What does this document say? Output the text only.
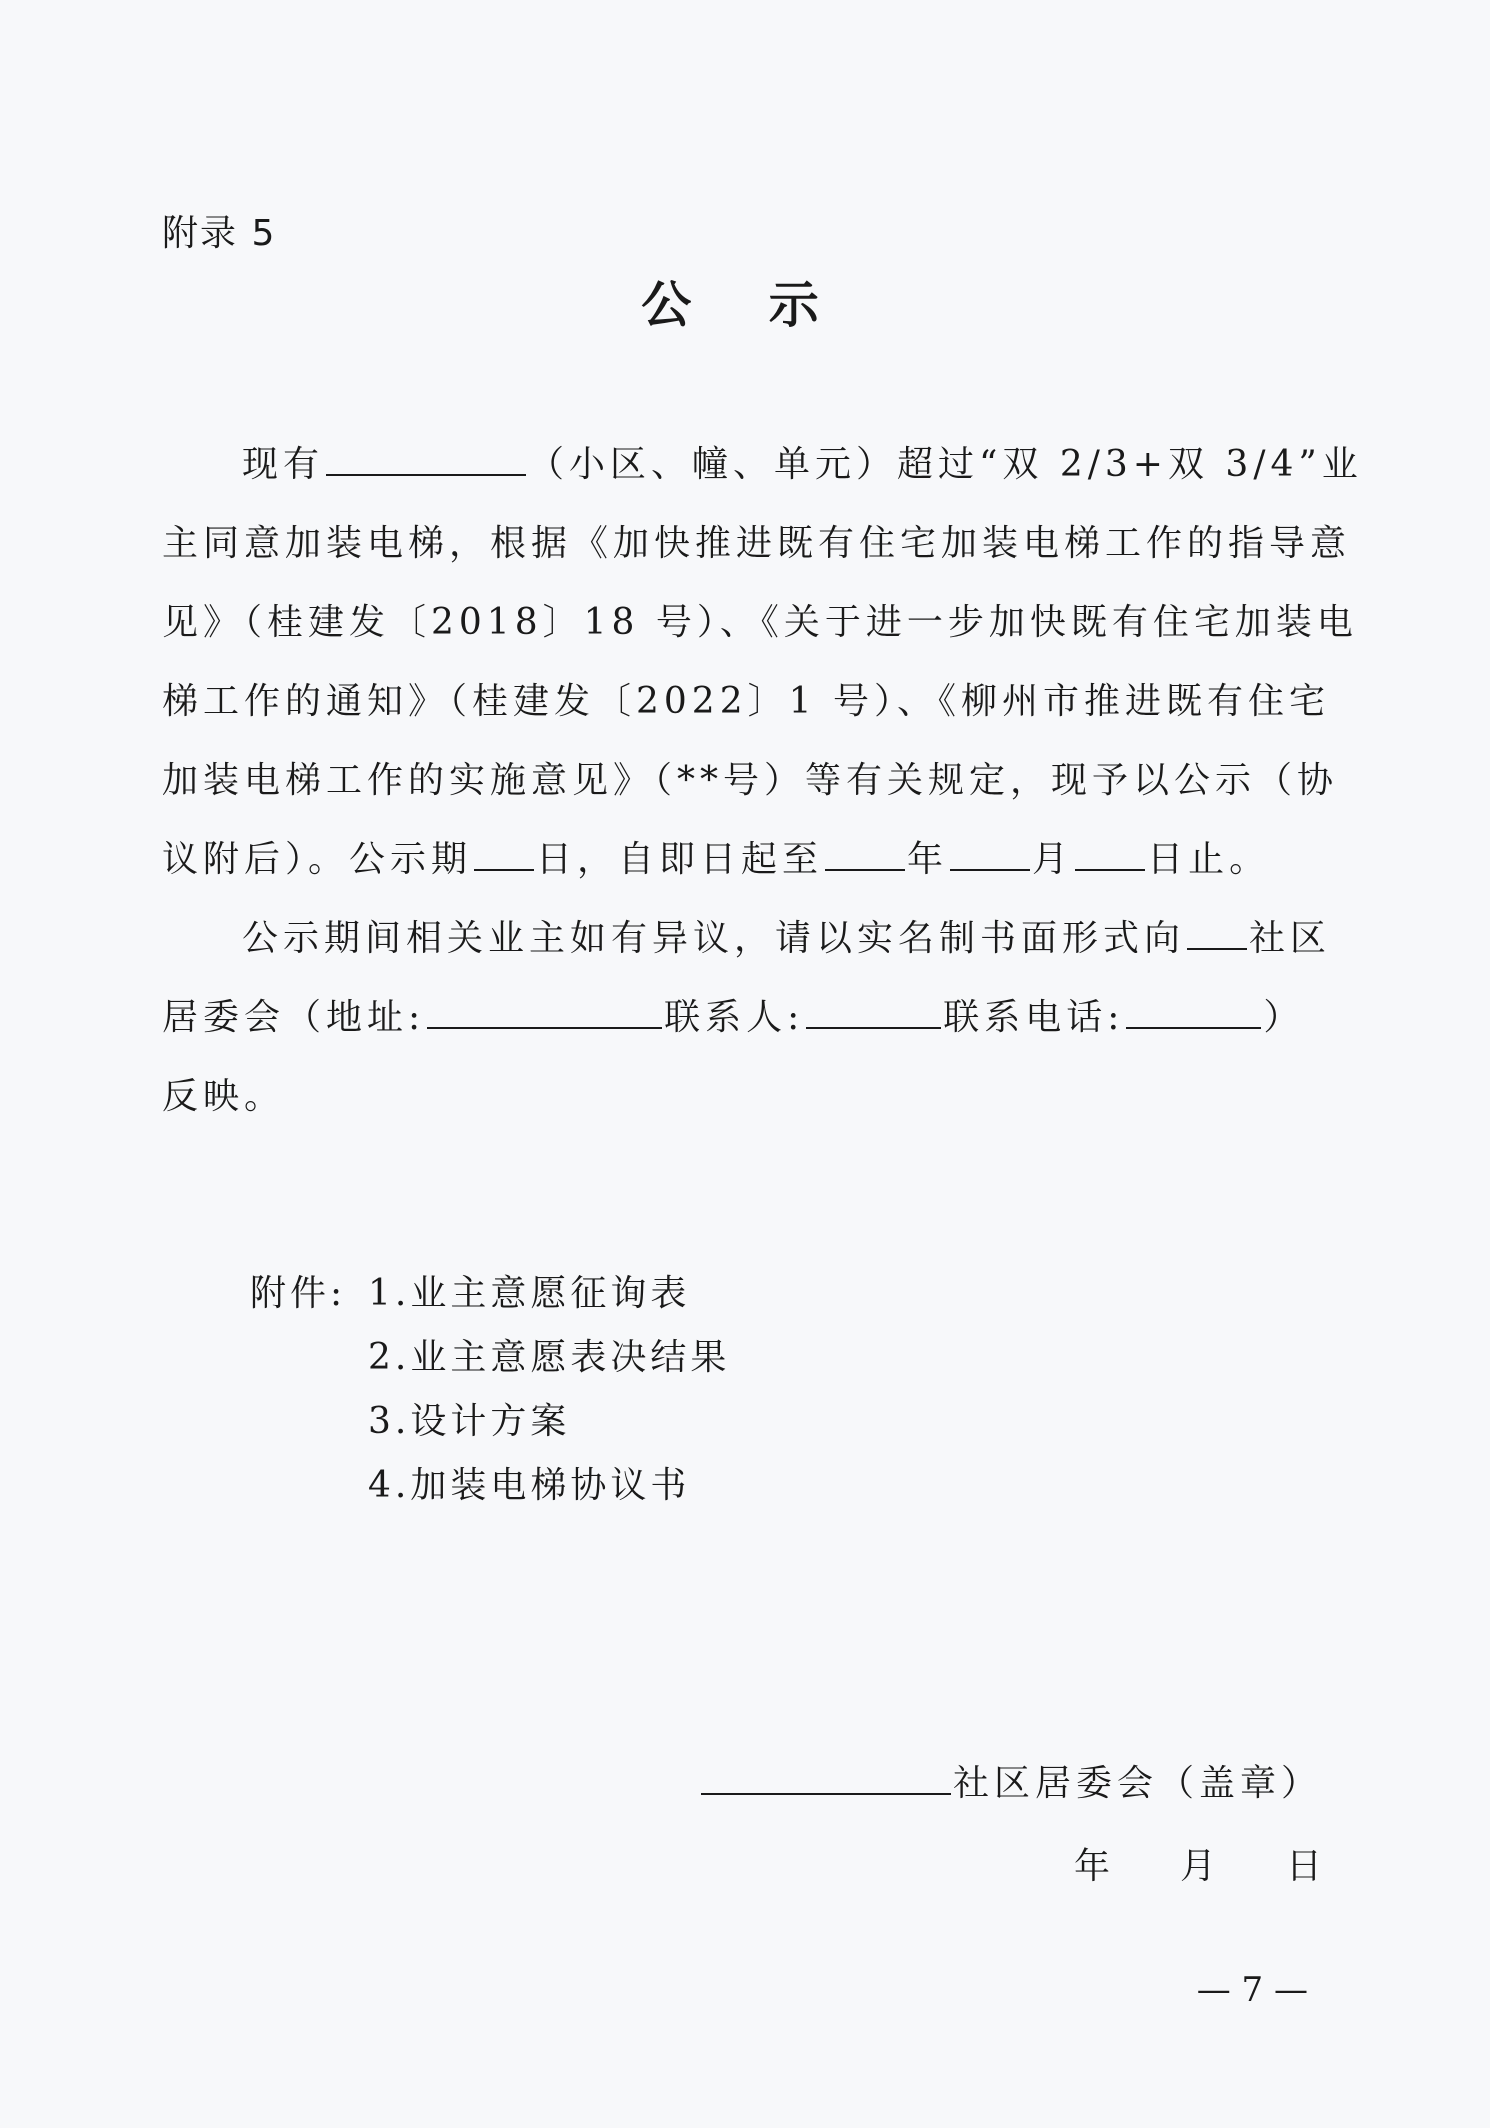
附录 5
公 示
现有	（小区、幢、单元）超过“双 2/3+双 3/4”业
主同意加装电梯，根据《加快推进既有住宅加装电梯工作的指导意
见》（桂建发〔2018〕18 号）、《关于进一步加快既有住宅加装电
梯工作的通知》（桂建发〔2022〕1 号）、《柳州市推进既有住宅
加装电梯工作的实施意见》（**号）等有关规定，现予以公示（协
议附后）。公示期 日，自即日起至 年 月 日止。
公示期间相关业主如有异议，请以实名制书面形式向 社区
居委会（地址:	联系人:	联系电话:	）
反映。
附件: 1.业主意愿征询表
2.业主意愿表决结果
3.设计方案
4.加装电梯协议书
社区居委会（盖章）
年 月 日
— 7 —
